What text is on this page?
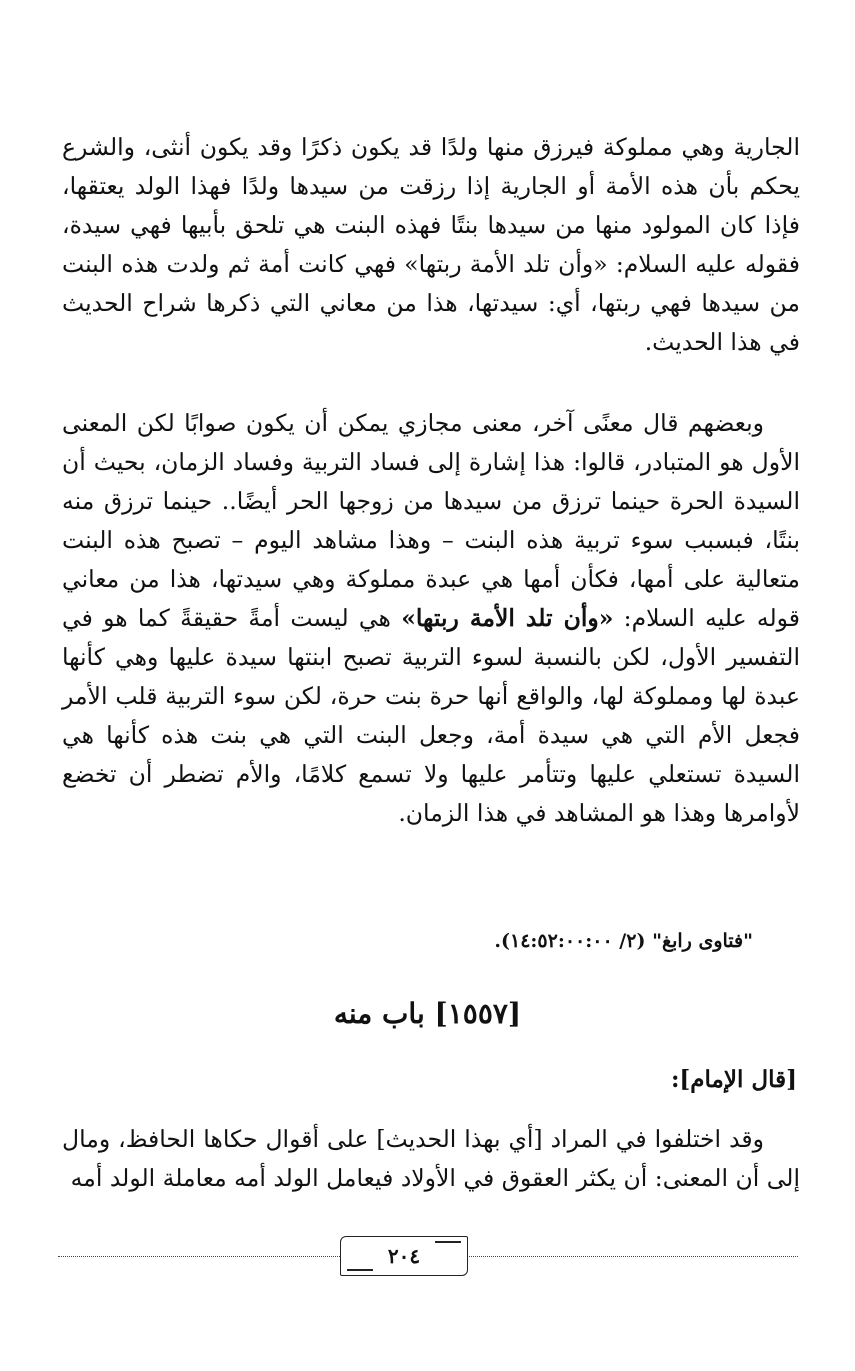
الجارية وهي مملوكة فيرزق منها ولدًا قد يكون ذكرًا وقد يكون أنثى، والشرع يحكم بأن هذه الأمة أو الجارية إذا رزقت من سيدها ولدًا فهذا الولد يعتقها، فإذا كان المولود منها من سيدها بنتًا فهذه البنت هي تلحق بأبيها فهي سيدة، فقوله عليه السلام: «وأن تلد الأمة ربتها» فهي كانت أمة ثم ولدت هذه البنت من سيدها فهي ربتها، أي: سيدتها، هذا من معاني التي ذكرها شراح الحديث في هذا الحديث.

وبعضهم قال معنًى آخر، معنى مجازي يمكن أن يكون صوابًا لكن المعنى الأول هو المتبادر، قالوا: هذا إشارة إلى فساد التربية وفساد الزمان، بحيث أن السيدة الحرة حينما ترزق من سيدها من زوجها الحر أيضًا.. حينما ترزق منه بنتًا، فبسبب سوء تربية هذه البنت – وهذا مشاهد اليوم – تصبح هذه البنت متعالية على أمها، فكأن أمها هي عبدة مملوكة وهي سيدتها، هذا من معاني قوله عليه السلام: «وأن تلد الأمة ربتها» هي ليست أمةً حقيقةً كما هو في التفسير الأول، لكن بالنسبة لسوء التربية تصبح ابنتها سيدة عليها وهي كأنها عبدة لها ومملوكة لها، والواقع أنها حرة بنت حرة، لكن سوء التربية قلب الأمر فجعل الأم التي هي سيدة أمة، وجعل البنت التي هي بنت هذه كأنها هي السيدة تستعلي عليها وتتأمر عليها ولا تسمع كلامًا، والأم تضطر أن تخضع لأوامرها وهذا هو المشاهد في هذا الزمان.

"فتاوى رابغ" (٢/ ١٤:٥٢:٠٠:٠٠).
[١٥٥٧] باب منه
[قال الإمام]:

وقد اختلفوا في المراد [أي بهذا الحديث] على أقوال حكاها الحافظ، ومال إلى أن المعنى: أن يكثر العقوق في الأولاد فيعامل الولد أمه معاملة الولد أمه

٢٠٤
